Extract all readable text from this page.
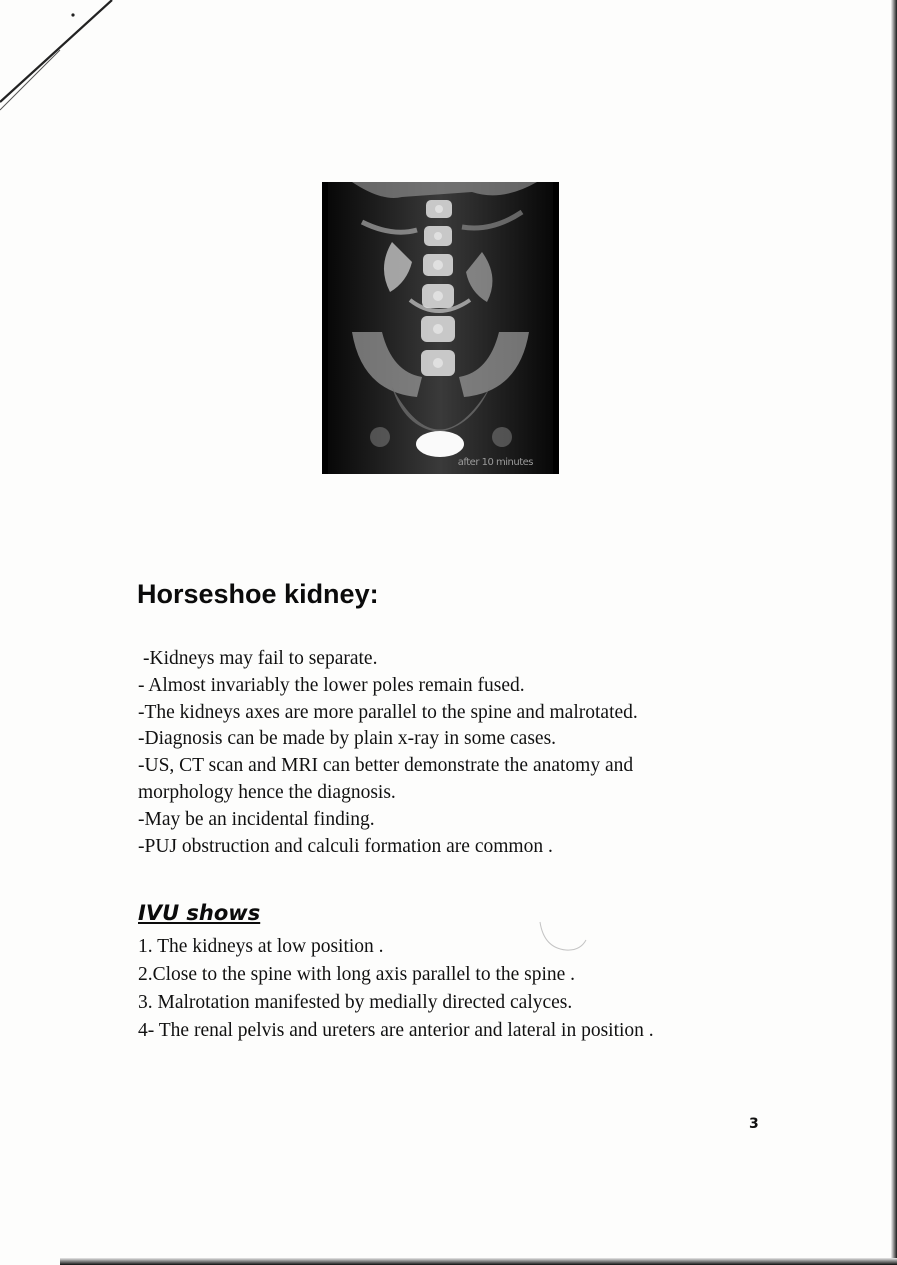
after 10 minutes
Horseshoe kidney:
-Kidneys may fail to separate.
- Almost invariably the lower poles remain fused.
-The kidneys axes are more parallel to the spine and malrotated.
-Diagnosis can be made by plain x-ray in some cases.
-US, CT scan and MRI can better demonstrate the anatomy and morphology hence the diagnosis.
-May be an incidental finding.
-PUJ obstruction and calculi formation are common .
IVU shows
1. The kidneys at low position .
2.Close to the spine with long axis parallel to the spine .
3. Malrotation manifested by medially directed calyces.
4- The renal pelvis and ureters are anterior and lateral in position .
3
